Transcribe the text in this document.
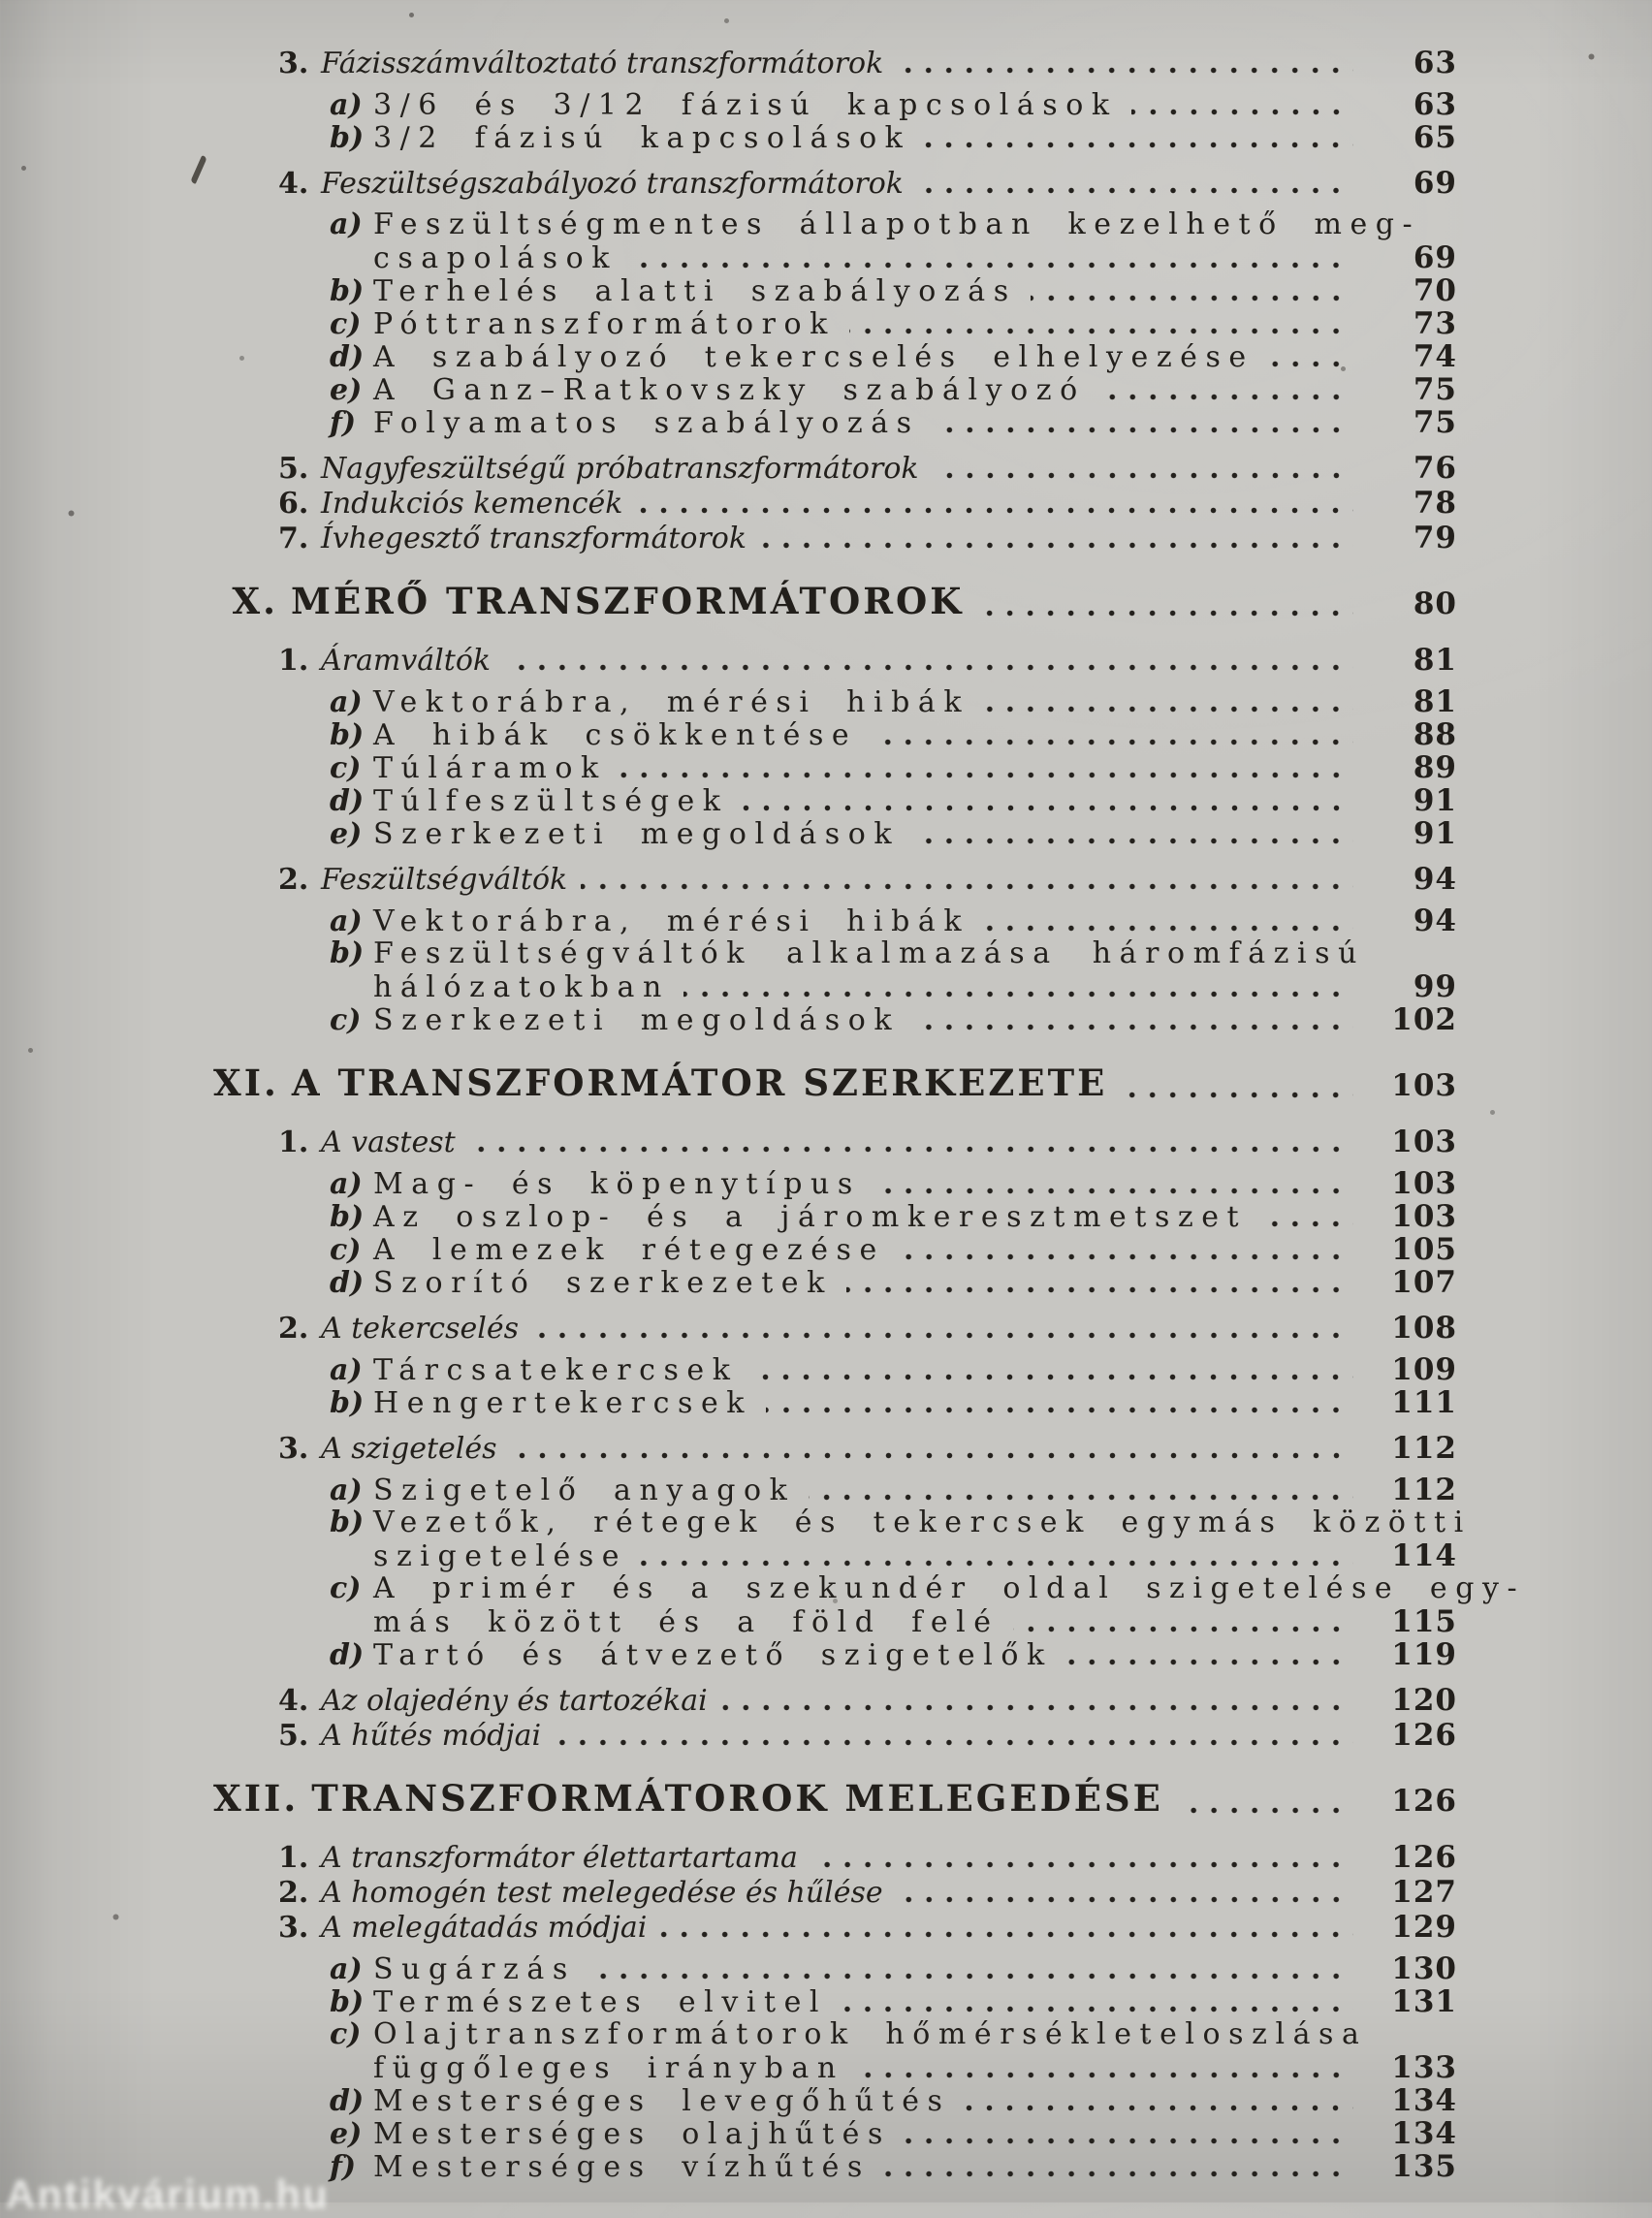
3. Fázisszámváltoztató transzformátorok	63
a) 3/6 és 3/12 fázisú kapcsolások	63
b) 3/2 fázisú kapcsolások	65
4. Feszültségszabályozó transzformátorok	69
a) Feszültségmentes állapotban kezelhető meg-
csapolások	69
b) Terhelés alatti szabályozás	70
c) Póttranszformátorok	73
d) A szabályozó tekercselés elhelyezése	74
e) A Ganz–Ratkovszky szabályozó	75
f) Folyamatos szabályozás	75
5. Nagyfeszültségű próbatranszformátorok	76
6. Indukciós kemencék	78
7. Ívhegesztő transzformátorok	79
X. MÉRŐ TRANSZFORMÁTOROK	80
1. Áramváltók	81
a) Vektorábra, mérési hibák	81
b) A hibák csökkentése	88
c) Túláramok	89
d) Túlfeszültségek	91
e) Szerkezeti megoldások	91
2. Feszültségváltók	94
a) Vektorábra, mérési hibák	94
b) Feszültségváltók alkalmazása háromfázisú
hálózatokban	99
c) Szerkezeti megoldások	102
XI. A TRANSZFORMÁTOR SZERKEZETE	103
1. A vastest	103
a) Mag- és köpenytípus	103
b) Az oszlop- és a járomkeresztmetszet	103
c) A lemezek rétegezése	105
d) Szorító szerkezetek	107
2. A tekercselés	108
a) Tárcsatekercsek	109
b) Hengertekercsek	111
3. A szigetelés	112
a) Szigetelő anyagok	112
b) Vezetők, rétegek és tekercsek egymás közötti
szigetelése	114
c) A primér és a szekundér oldal szigetelése egy-
más között és a föld felé	115
d) Tartó és átvezető szigetelők	119
4. Az olajedény és tartozékai	120
5. A hűtés módjai	126
XII. TRANSZFORMÁTOROK MELEGEDÉSE	126
1. A transzformátor élettartartama	126
2. A homogén test melegedése és hűlése	127
3. A melegátadás módjai	129
a) Sugárzás	130
b) Természetes elvitel	131
c) Olajtranszformátorok hőmérsékleteloszlása
függőleges irányban	133
d) Mesterséges levegőhűtés	134
e) Mesterséges olajhűtés	134
f) Mesterséges vízhűtés	135
Antikvárium.hu
